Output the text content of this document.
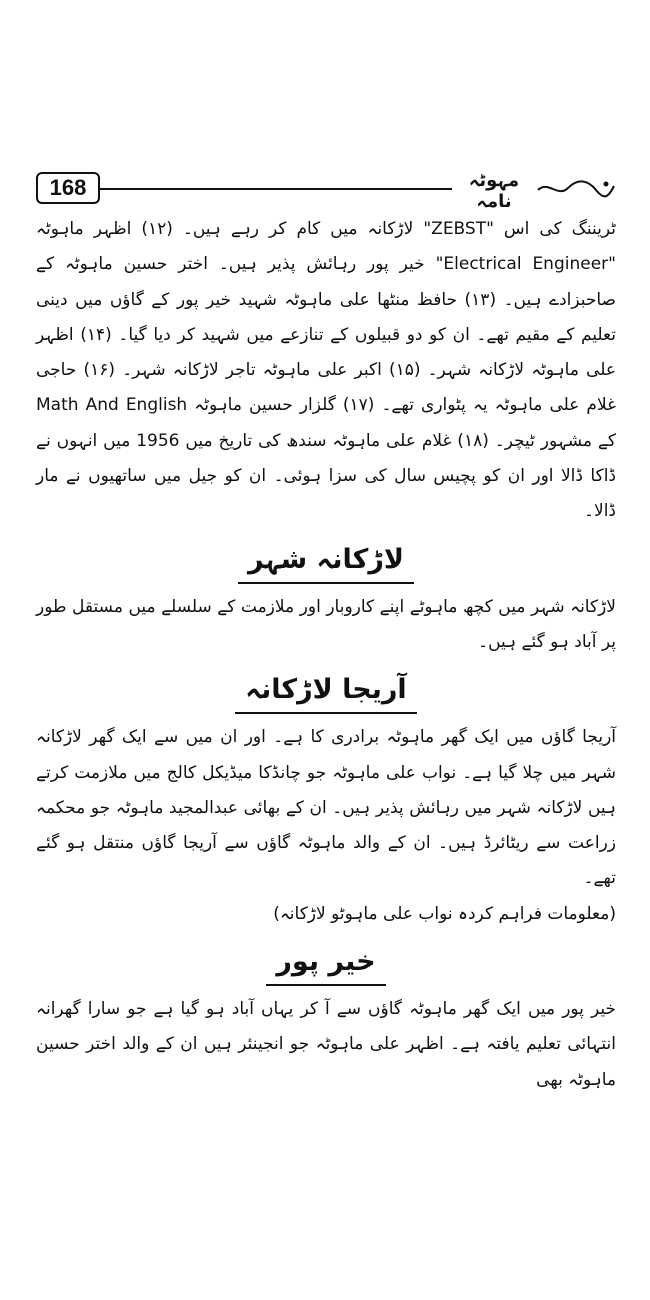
168	مہوٹہ نامہ

ٹریننگ کی اس "ZEBST" لاڑکانہ میں کام کر رہے ہیں۔ (۱۲) اظہر ماہوٹہ "Electrical Engineer" خیر پور رہائش پذیر ہیں۔ اختر حسین ماہوٹہ کے صاحبزادے ہیں۔ (۱۳) حافظ منٹھا علی ماہوٹہ شہید خیر پور کے گاؤں میں دینی تعلیم کے مقیم تھے۔ ان کو دو قبیلوں کے تنازعے میں شہید کر دیا گیا۔ (۱۴) اظہر علی ماہوٹہ لاڑکانہ شہر۔ (۱۵) اکبر علی ماہوٹہ تاجر لاڑکانہ شہر۔ (۱۶) حاجی غلام علی ماہوٹہ یہ پٹواری تھے۔ (۱۷) گلزار حسین ماہوٹہ Math And English کے مشہور ٹیچر۔ (۱۸) غلام علی ماہوٹہ سندھ کی تاریخ میں 1956 میں انہوں نے ڈاکا ڈالا اور ان کو پچیس سال کی سزا ہوئی۔ ان کو جیل میں ساتھیوں نے مار ڈالا۔

لاڑکانہ شہر

لاڑکانہ شہر میں کچھ ماہوٹے اپنے کاروبار اور ملازمت کے سلسلے میں مستقل طور پر آباد ہو گئے ہیں۔

آریجا لاڑکانہ

آریجا گاؤں میں ایک گھر ماہوٹہ برادری کا ہے۔ اور ان میں سے ایک گھر لاڑکانہ شہر میں چلا گیا ہے۔ نواب علی ماہوٹہ جو چانڈکا میڈیکل کالج میں ملازمت کرتے ہیں لاڑکانہ شہر میں رہائش پذیر ہیں۔ ان کے بھائی عبدالمجید ماہوٹہ جو محکمہ زراعت سے ریٹائرڈ ہیں۔ ان کے والد ماہوٹہ گاؤں سے آریجا گاؤں منتقل ہو گئے تھے۔

(معلومات فراہم کردہ نواب علی ماہوٹو لاڑکانہ)

خیر پور

خیر پور میں ایک گھر ماہوٹہ گاؤں سے آ کر یہاں آباد ہو گیا ہے جو سارا گھرانہ انتہائی تعلیم یافتہ ہے۔ اظہر علی ماہوٹہ جو انجینئر ہیں ان کے والد اختر حسین ماہوٹہ بھی
